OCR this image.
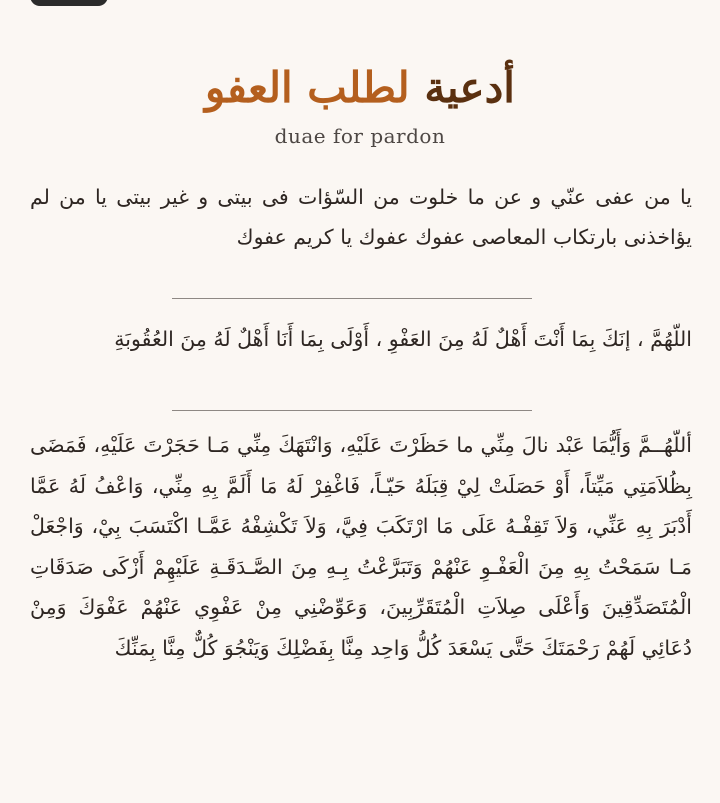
أدعية لطلب العفو
duae for pardon
يا من عفى عنّي و عن ما خلوت من السّؤات فى بيتى و غير بيتى يا من لم يؤاخذنى بارتكاب المعاصى عفوك عفوك يا كريم عفوك
اللّهُمَّ ، إنَكَ بِمَا أَنْتَ أَهْلٌ لَهُ مِنَ العَفْوِ ، أَوْلَى بِمَا أَنَا أَهْلٌ لَهُ مِنَ العُقُوبَةِ
أللّهُــمَّ وَأَيُّمَا عَبْد نالَ مِنِّي ما حَظَرْتَ عَلَيْهِ، وَانْتَهَكَ مِنِّي مَـا حَجَرْتَ عَلَيْهِ، فَمَضَى بِظُلاَمَتِي مَيِّتاً، أَوْ حَصَلَتْ لِيْ قِبَلَهُ حَيّـاً، فَاغْفِرْ لَهُ مَا أَلَمَّ بِهِ مِنِّي، وَاعْفُ لَهُ عَمَّا أَدْبَرَ بِهِ عَنِّي، وَلاَ تَقِفْـهُ عَلَى مَا ارْتَكَبَ فِيَّ، وَلاَ تَكْشِفْهُ عَمَّـا اكْتَسَبَ بِيْ، وَاجْعَلْ مَـا سَمَحْتُ بِهِ مِنَ الْعَفْـوِ عَنْهُمْ وَتَبَرَّعْتُ بِـهِ مِنَ الصَّـدَقَـةِ عَلَيْهِمْ أَزْكَى صَدَقَاتِ الْمُتَصَدِّقِينَ وَأَعْلَى صِلاَتِ الْمُتَقَرِّبِينَ، وَعَوِّضْنِي مِنْ عَفْوِي عَنْهُمْ عَفْوَكَ وَمِنْ دُعَائِي لَهُمْ رَحْمَتَكَ حَتَّى يَسْعَدَ كُلُّ وَاحِد مِنَّا بِفَضْلِكَ وَيَنْجُوَ كُلٌّ مِنَّا بِمَنِّكَ
